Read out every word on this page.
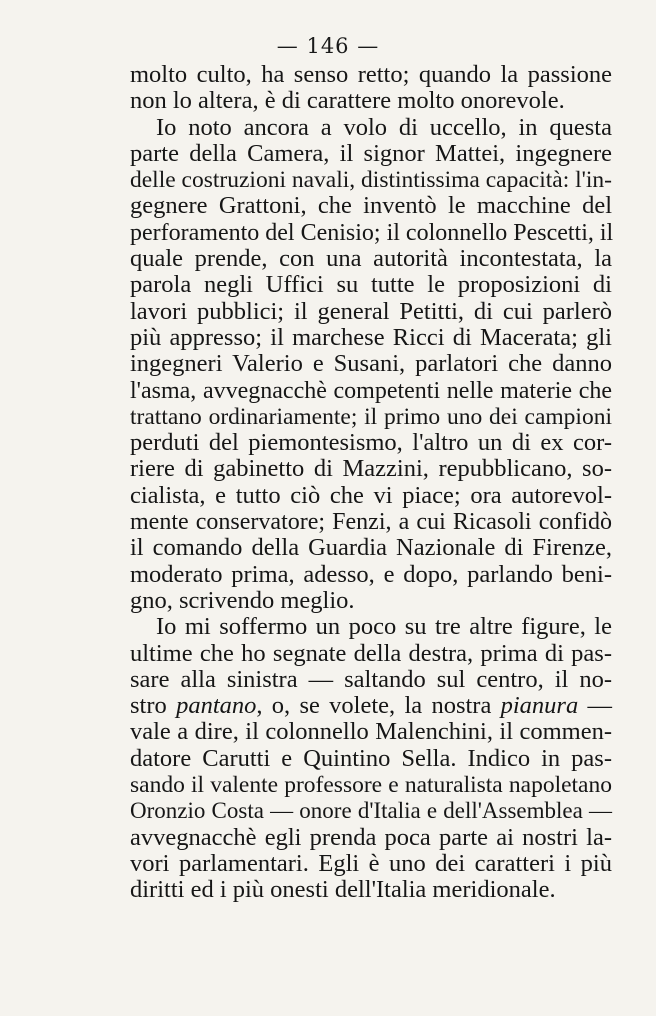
— 146 —
molto culto, ha senso retto; quando la passione
non lo altera, è di carattere molto onorevole.
Io noto ancora a volo di uccello, in questa
parte della Camera, il signor Mattei, ingegnere
delle costruzioni navali, distintissima capacità: l'in-
gegnere Grattoni, che inventò le macchine del
perforamento del Cenisio; il colonnello Pescetti, il
quale prende, con una autorità incontestata, la
parola negli Uffici su tutte le proposizioni di
lavori pubblici; il general Petitti, di cui parlerò
più appresso; il marchese Ricci di Macerata; gli
ingegneri Valerio e Susani, parlatori che danno
l'asma, avvegnacchè competenti nelle materie che
trattano ordinariamente; il primo uno dei campioni
perduti del piemontesismo, l'altro un di ex cor-
riere di gabinetto di Mazzini, repubblicano, so-
cialista, e tutto ciò che vi piace; ora autorevol-
mente conservatore; Fenzi, a cui Ricasoli confidò
il comando della Guardia Nazionale di Firenze,
moderato prima, adesso, e dopo, parlando beni-
gno, scrivendo meglio.
Io mi soffermo un poco su tre altre figure, le
ultime che ho segnate della destra, prima di pas-
sare alla sinistra — saltando sul centro, il no-
stro pantano, o, se volete, la nostra pianura —
vale a dire, il colonnello Malenchini, il commen-
datore Carutti e Quintino Sella. Indico in pas-
sando il valente professore e naturalista napoletano
Oronzio Costa — onore d'Italia e dell'Assemblea —
avvegnacchè egli prenda poca parte ai nostri la-
vori parlamentari. Egli è uno dei caratteri i più
diritti ed i più onesti dell'Italia meridionale.
